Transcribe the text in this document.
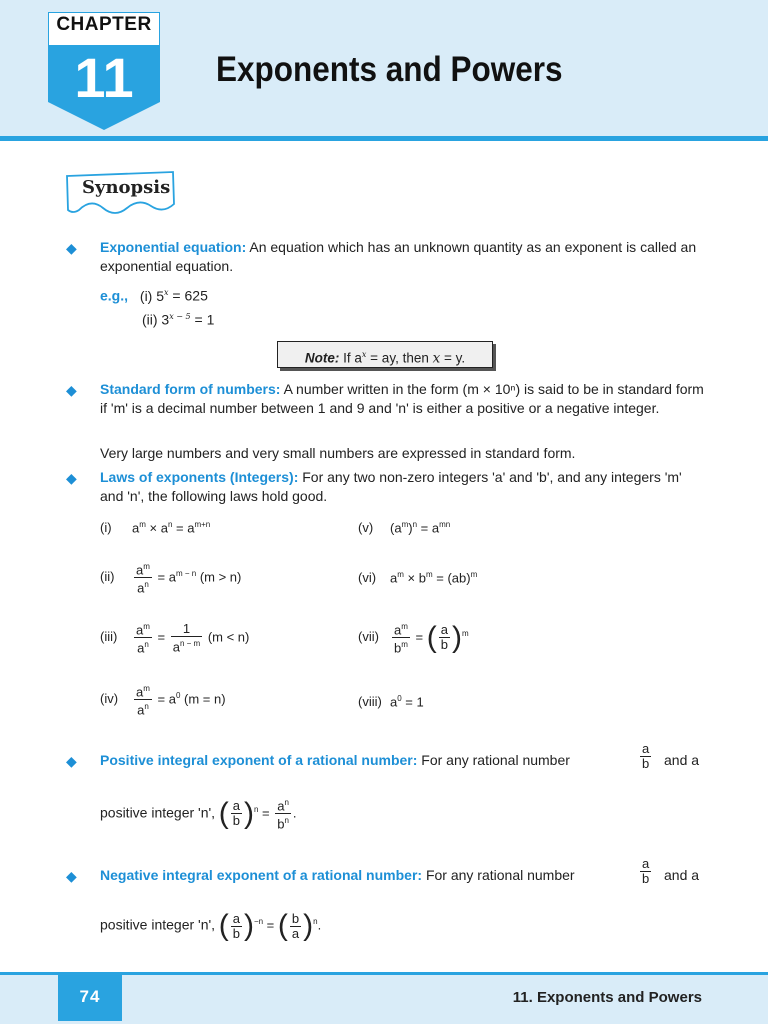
CHAPTER
11	Exponents and Powers
Synopsis
◆ Exponential equation: An equation which has an unknown quantity as an exponent is called an exponential equation.
e.g., (i) $5^x = 625$
(ii) $3^{x - 5} = 1$
Note: If $a^x$ = ay, then x = y.
◆ Standard form of numbers: A number written in the form (m × 10ⁿ) is said to be in standard form if 'm' is a decimal number between 1 and 9 and 'n' is either a positive or a negative integer.
Very large numbers and very small numbers are expressed in standard form.
◆ Laws of exponents (Integers): For any two non-zero integers 'a' and 'b', and any integers 'm' and 'n', the following laws hold good.
(i) $a^m \times a^n = a^{m+n}$
$(ii) \frac{a^m}{a^n} = a^{m - n}$ (m > n)
$(iii) \frac{a^m}{a^n} = \frac{1}{a^{n - m}} (m < n)$
$(iv) \frac{a^m}{a^n} = a^0$ (m = n)
(v) $(a^m)^n = a^{mn}$
(vi) $a^m \times b^m = (ab)^m$
$(vii) \frac{a^m}{b^m}$ = ( $\frac{a}{b} )^m$
(viii) $a^0 = 1$
◆ Positive integral exponent of a rational number: For any rational number	$\frac{a}{b}$ and a
positive integer 'n', ( $\frac{a}{b} )^n = \frac{a^n}{b^n}$ .
◆ Negative integral exponent of a rational number: For any rational number	$\frac{a}{b}$ and a
positive integer 'n', ( $\frac{a}{b} )^{-n}$ = ( $\frac{b}{a} )^n$.
74	11. Exponents and Powers
